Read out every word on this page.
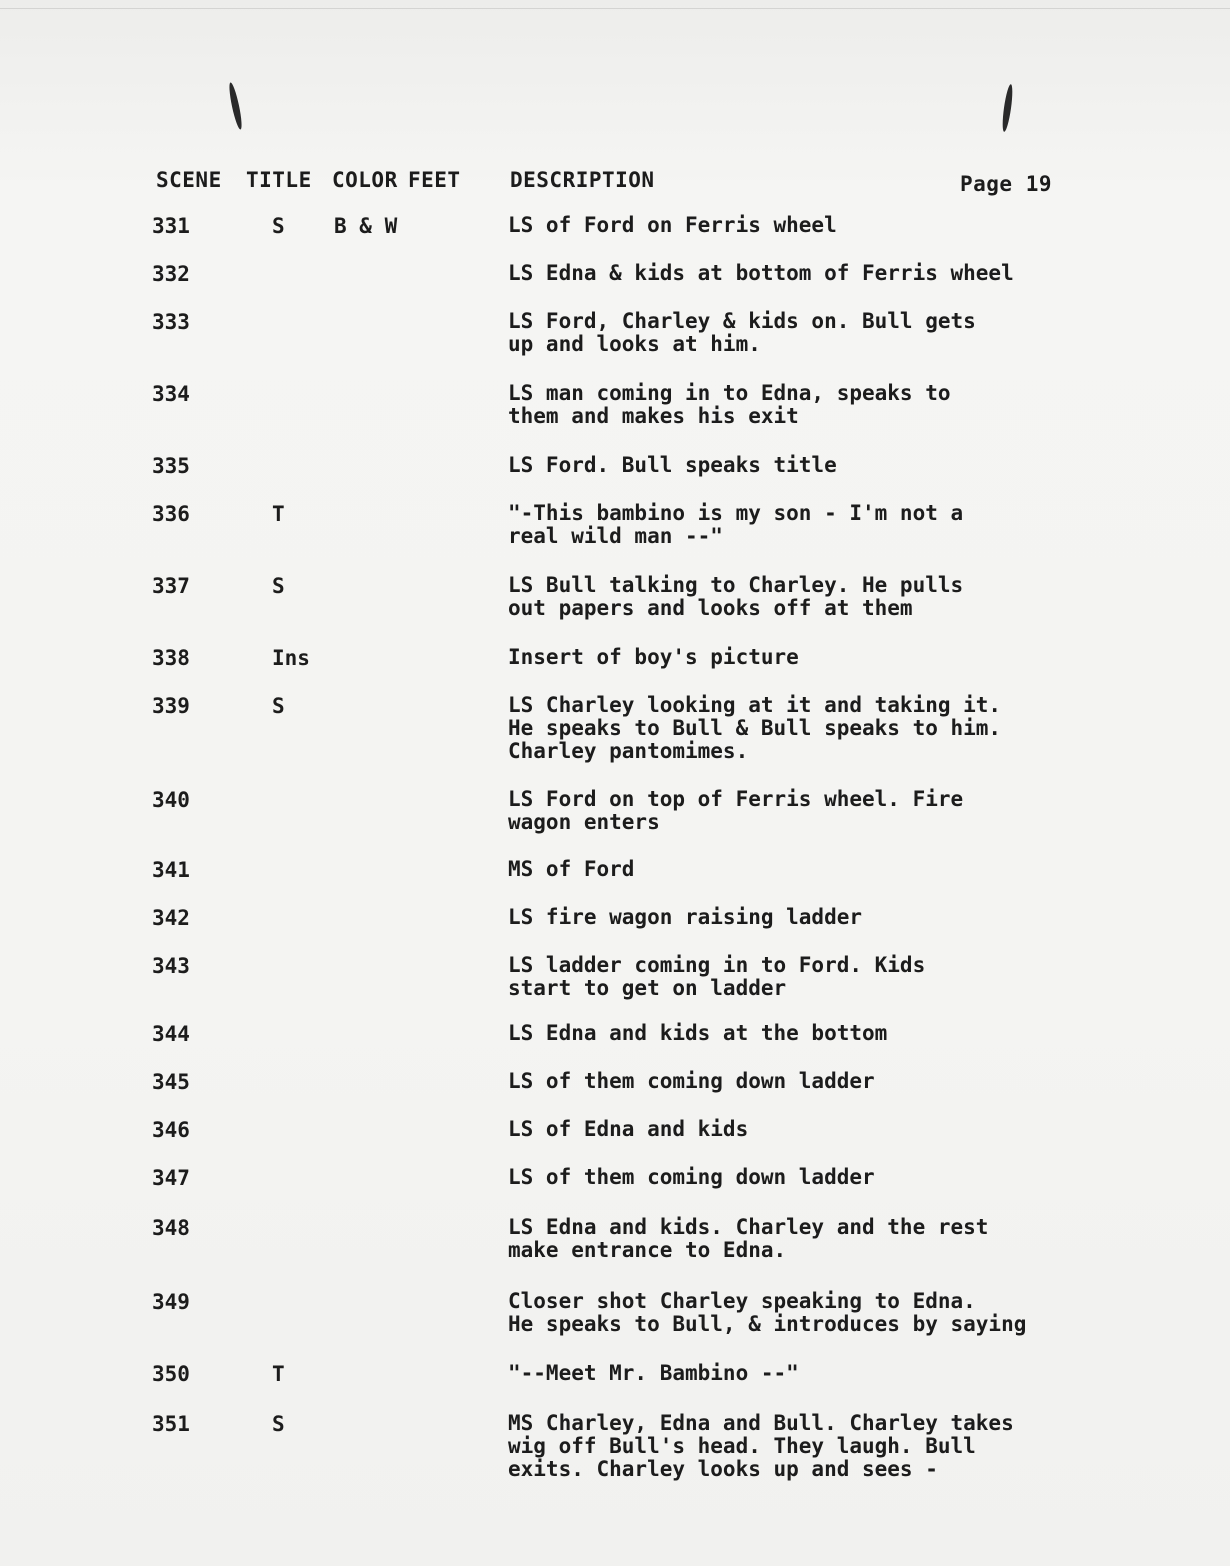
SCENE TITLE COLOR FEET DESCRIPTION	Page 19
331	S B & W	LS of Ford on Ferris wheel
332	LS Edna & kids at bottom of Ferris wheel
333	LS Ford, Charley & kids on. Bull gets
up and looks at him.
334	LS man coming in to Edna, speaks to
them and makes his exit
335	LS Ford. Bull speaks title
336	T	"-This bambino is my son - I'm not a
real wild man --"
337	S	LS Bull talking to Charley. He pulls
out papers and looks off at them
338	Ins	Insert of boy's picture
339	S	LS Charley looking at it and taking it.
He speaks to Bull & Bull speaks to him.
Charley pantomimes.
340	LS Ford on top of Ferris wheel. Fire
wagon enters
341	MS of Ford
342	LS fire wagon raising ladder
343	LS ladder coming in to Ford. Kids
start to get on ladder
344	LS Edna and kids at the bottom
345	LS of them coming down ladder
346	LS of Edna and kids
347	LS of them coming down ladder
348	LS Edna and kids. Charley and the rest
make entrance to Edna.
349	Closer shot Charley speaking to Edna.
He speaks to Bull, & introduces by saying
350	T	"--Meet Mr. Bambino --"
351	S	MS Charley, Edna and Bull. Charley takes
wig off Bull's head. They laugh. Bull
exits. Charley looks up and sees -
